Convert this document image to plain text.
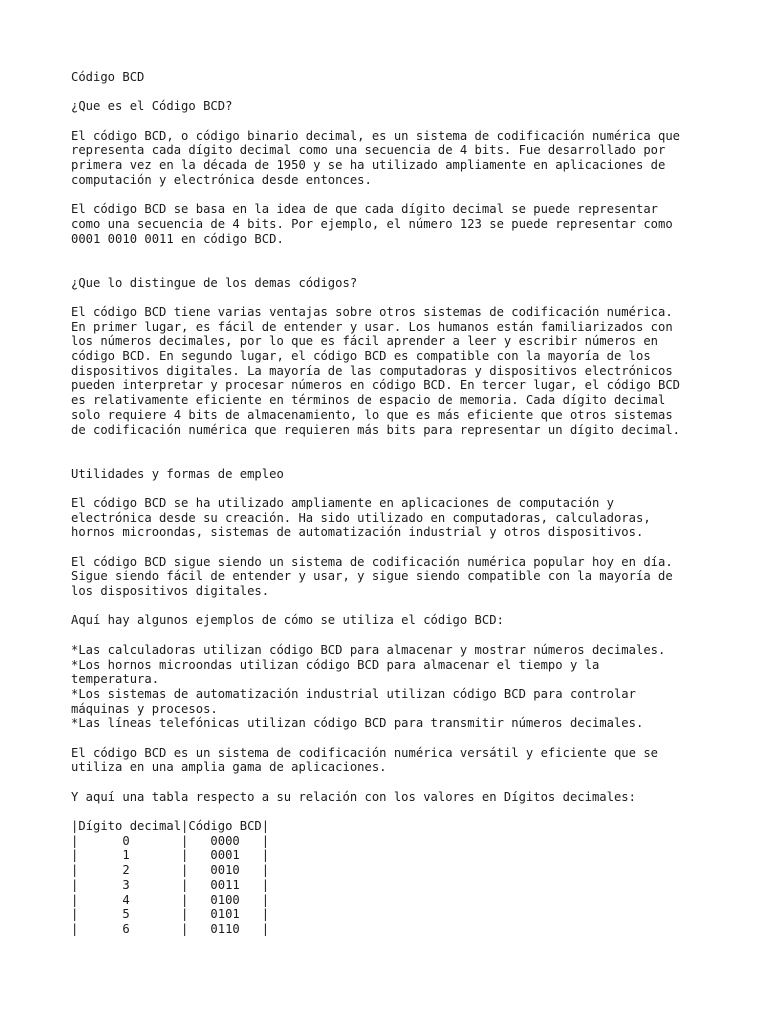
Código BCD
¿Que es el Código BCD?
El código BCD, o código binario decimal, es un sistema de codificación numérica que
representa cada dígito decimal como una secuencia de 4 bits. Fue desarrollado por
primera vez en la década de 1950 y se ha utilizado ampliamente en aplicaciones de
computación y electrónica desde entonces.
El código BCD se basa en la idea de que cada dígito decimal se puede representar
como una secuencia de 4 bits. Por ejemplo, el número 123 se puede representar como
0001 0010 0011 en código BCD.
¿Que lo distingue de los demas códigos?
El código BCD tiene varias ventajas sobre otros sistemas de codificación numérica.
En primer lugar, es fácil de entender y usar. Los humanos están familiarizados con
los números decimales, por lo que es fácil aprender a leer y escribir números en
código BCD. En segundo lugar, el código BCD es compatible con la mayoría de los
dispositivos digitales. La mayoría de las computadoras y dispositivos electrónicos
pueden interpretar y procesar números en código BCD. En tercer lugar, el código BCD
es relativamente eficiente en términos de espacio de memoria. Cada dígito decimal
solo requiere 4 bits de almacenamiento, lo que es más eficiente que otros sistemas
de codificación numérica que requieren más bits para representar un dígito decimal.
Utilidades y formas de empleo
El código BCD se ha utilizado ampliamente en aplicaciones de computación y
electrónica desde su creación. Ha sido utilizado en computadoras, calculadoras,
hornos microondas, sistemas de automatización industrial y otros dispositivos.
El código BCD sigue siendo un sistema de codificación numérica popular hoy en día.
Sigue siendo fácil de entender y usar, y sigue siendo compatible con la mayoría de
los dispositivos digitales.
Aquí hay algunos ejemplos de cómo se utiliza el código BCD:
*Las calculadoras utilizan código BCD para almacenar y mostrar números decimales.
*Los hornos microondas utilizan código BCD para almacenar el tiempo y la
temperatura.
*Los sistemas de automatización industrial utilizan código BCD para controlar
máquinas y procesos.
*Las líneas telefónicas utilizan código BCD para transmitir números decimales.
El código BCD es un sistema de codificación numérica versátil y eficiente que se
utiliza en una amplia gama de aplicaciones.
Y aquí una tabla respecto a su relación con los valores en Dígitos decimales:
|Dígito decimal|Código BCD|
|      0       |   0000   |
|      1       |   0001   |
|      2       |   0010   |
|      3       |   0011   |
|      4       |   0100   |
|      5       |   0101   |
|      6       |   0110   |
